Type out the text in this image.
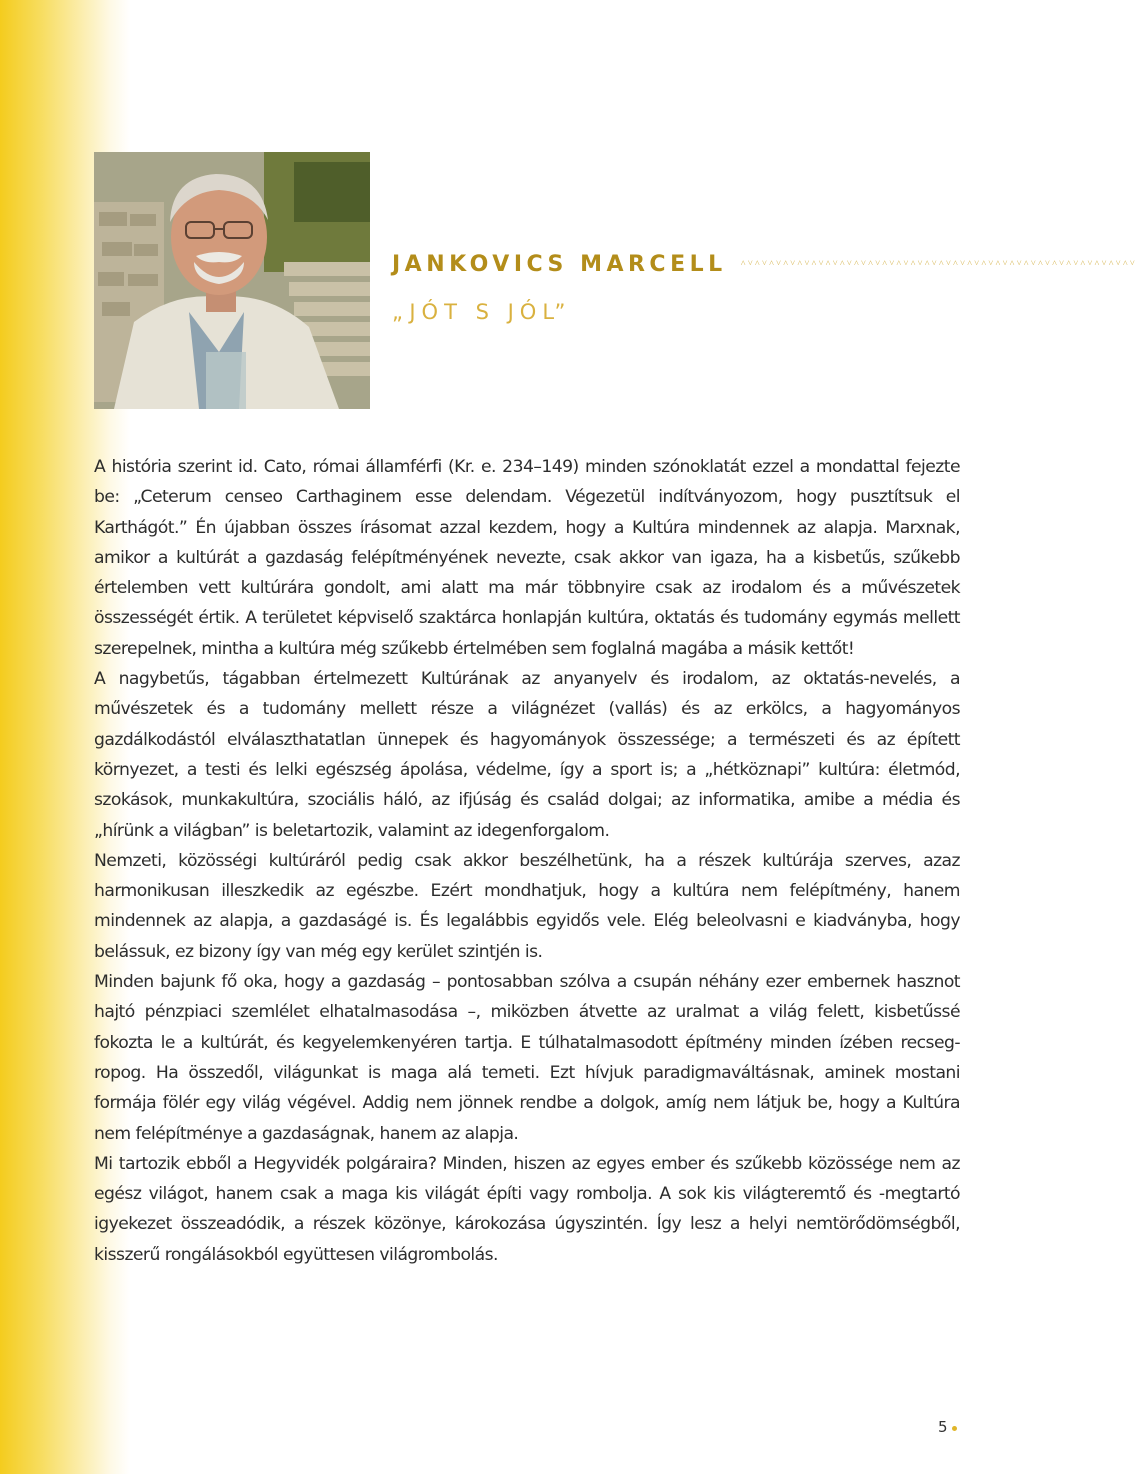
JANKOVICS MARCELL ˄˅˄˅˄˅˄˅˄˅˄˅˄˅˄˅˄˅˄˅˄˅˄˅˄˅˄˅˄˅˄˅˄˅˄˅˄˅˄˅˄˅˄˅˄˅˄˅˄˅˄˅˄˅˄˅
„JÓT S JÓL”

A história szerint id. Cato, római államférfi (Kr. e. 234–149) minden szónoklatát ezzel a mondattal fejezte be: „Ceterum censeo Carthaginem esse delendam. Végezetül indítványozom, hogy pusztítsuk el Karthágót.” Én újabban összes írásomat azzal kezdem, hogy a Kultúra mindennek az alapja. Marxnak, amikor a kultúrát a gazdaság felépítményének nevezte, csak akkor van igaza, ha a kisbetűs, szűkebb értelemben vett kultúrára gondolt, ami alatt ma már többnyire csak az irodalom és a művészetek összességét értik. A területet képviselő szaktárca honlapján kultúra, oktatás és tudomány egymás mellett szerepelnek, mintha a kultúra még szűkebb értelmében sem foglalná magába a másik kettőt!

A nagybetűs, tágabban értelmezett Kultúrának az anyanyelv és irodalom, az oktatás-nevelés, a művészetek és a tudomány mellett része a világnézet (vallás) és az erkölcs, a hagyományos gazdálkodástól elválaszthatatlan ünnepek és hagyományok összessége; a természeti és az épített környezet, a testi és lelki egészség ápolása, védelme, így a sport is; a „hétköznapi” kultúra: életmód, szokások, munkakultúra, szociális háló, az ifjúság és család dolgai; az informatika, amibe a média és „hírünk a világban” is beletartozik, valamint az idegenforgalom.

Nemzeti, közösségi kultúráról pedig csak akkor beszélhetünk, ha a részek kultúrája szerves, azaz harmonikusan illeszkedik az egészbe. Ezért mondhatjuk, hogy a kultúra nem felépítmény, hanem mindennek az alapja, a gazdaságé is. És legalábbis egyidős vele. Elég beleolvasni e kiadványba, hogy belássuk, ez bizony így van még egy kerület szintjén is.

Minden bajunk fő oka, hogy a gazdaság – pontosabban szólva a csupán néhány ezer embernek hasznot hajtó pénzpiaci szemlélet elhatalmasodása –, miközben átvette az uralmat a világ felett, kisbetűssé fokozta le a kultúrát, és kegyelemkenyéren tartja. E túlhatalmasodott építmény minden ízében recseg-ropog. Ha összedől, világunkat is maga alá temeti. Ezt hívjuk paradigmaváltásnak, aminek mostani formája fölér egy világ végével. Addig nem jönnek rendbe a dolgok, amíg nem látjuk be, hogy a Kultúra nem felépítménye a gazdaságnak, hanem az alapja.

Mi tartozik ebből a Hegyvidék polgáraira? Minden, hiszen az egyes ember és szűkebb közössége nem az egész világot, hanem csak a maga kis világát építi vagy rombolja. A sok kis világteremtő és -megtartó igyekezet összeadódik, a részek közönye, károkozása úgyszintén. Így lesz a helyi nemtörődömségből, kisszerű rongálásokból együttesen világrombolás.

5
